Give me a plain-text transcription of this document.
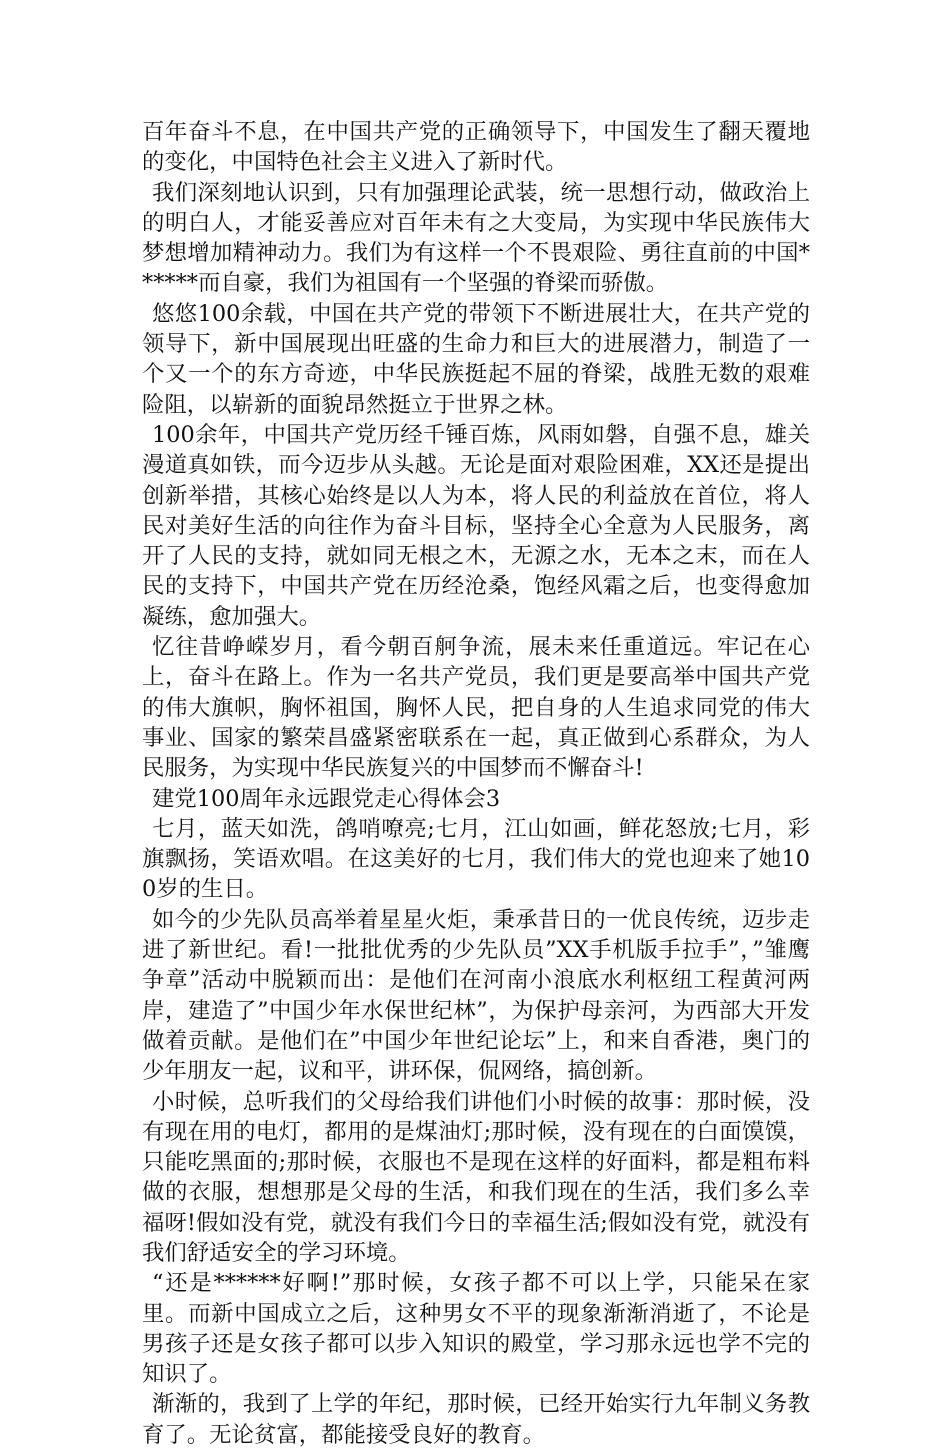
百年奋斗不息，在中国共产党的正确领导下，中国发生了翻天覆地的变化，中国特色社会主义进入了新时代。

我们深刻地认识到，只有加强理论武装，统一思想行动，做政治上的明白人，才能妥善应对百年未有之大变局，为实现中华民族伟大梦想增加精神动力。我们为有这样一个不畏艰险、勇往直前的中国******而自豪，我们为祖国有一个坚强的脊梁而骄傲。

悠悠100余载，中国在共产党的带领下不断进展壮大，在共产党的领导下，新中国展现出旺盛的生命力和巨大的进展潜力，制造了一个又一个的东方奇迹，中华民族挺起不屈的脊梁，战胜无数的艰难险阻，以崭新的面貌昂然挺立于世界之林。

100余年，中国共产党历经千锤百炼，风雨如磐，自强不息，雄关漫道真如铁，而今迈步从头越。无论是面对艰险困难，XX还是提出创新举措，其核心始终是以人为本，将人民的利益放在首位，将人民对美好生活的向往作为奋斗目标，坚持全心全意为人民服务，离开了人民的支持，就如同无根之木，无源之水，无本之末，而在人民的支持下，中国共产党在历经沧桑，饱经风霜之后，也变得愈加凝练，愈加强大。

忆往昔峥嵘岁月，看今朝百舸争流，展未来任重道远。牢记在心上，奋斗在路上。作为一名共产党员，我们更是要高举中国共产党的伟大旗帜，胸怀祖国，胸怀人民，把自身的人生追求同党的伟大事业、国家的繁荣昌盛紧密联系在一起，真正做到心系群众，为人民服务，为实现中华民族复兴的中国梦而不懈奋斗!

建党100周年永远跟党走心得体会3

七月，蓝天如洗，鸽哨嘹亮;七月，江山如画，鲜花怒放;七月，彩旗飘扬，笑语欢唱。在这美好的七月，我们伟大的党也迎来了她100岁的生日。

如今的少先队员高举着星星火炬，秉承昔日的一优良传统，迈步走进了新世纪。看!一批批优秀的少先队员”XX手机版手拉手”，”雏鹰争章”活动中脱颖而出：是他们在河南小浪底水利枢纽工程黄河两岸，建造了”中国少年水保世纪林”，为保护母亲河，为西部大开发做着贡献。是他们在”中国少年世纪论坛”上，和来自香港，奥门的少年朋友一起，议和平，讲环保，侃网络，搞创新。

小时候，总听我们的父母给我们讲他们小时候的故事：那时候，没有现在用的电灯，都用的是煤油灯;那时候，没有现在的白面馍馍，只能吃黑面的;那时候，衣服也不是现在这样的好面料，都是粗布料做的衣服，想想那是父母的生活，和我们现在的生活，我们多么幸福呀!假如没有党，就没有我们今日的幸福生活;假如没有党，就没有我们舒适安全的学习环境。

“还是******好啊!”那时候，女孩子都不可以上学，只能呆在家里。而新中国成立之后，这种男女不平的现象渐渐消逝了，不论是男孩子还是女孩子都可以步入知识的殿堂，学习那永远也学不完的知识了。

渐渐的，我到了上学的年纪，那时候，已经开始实行九年制义务教育了。无论贫富，都能接受良好的教育。
